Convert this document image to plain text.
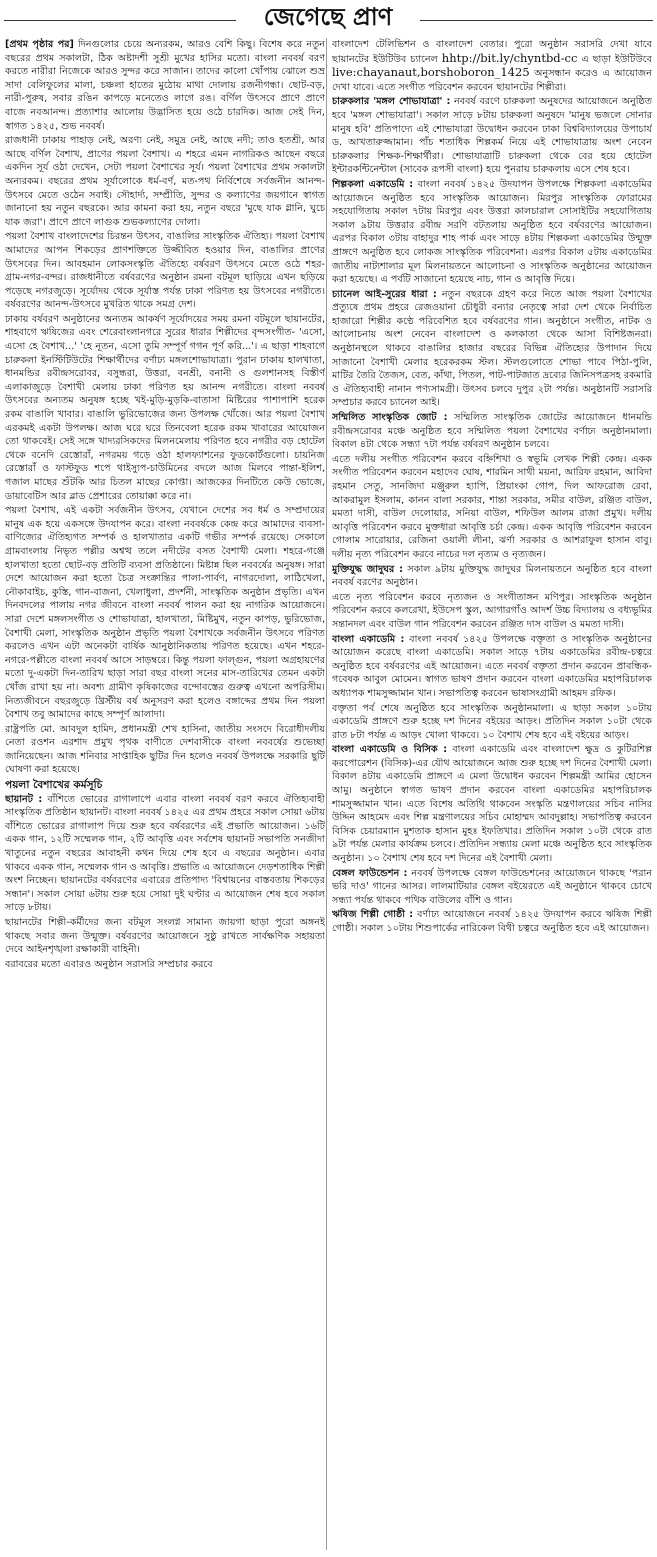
জেগেছে প্রাণ

[প্রথম পৃষ্ঠার পর] দিনগুলোর চেয়ে অন্যরকম, আরও বেশি কিছু। বিশেষ করে নতুন বছরের প্রথম সকালটা, ঠিক অষ্টাদশী সুশ্রী মুখের হাসির মতো। বাংলা নববর্ষ বরণ করতে নারীরা নিজেকে আরও সুন্দর করে সাজান। তাদের কালো খোঁপায় ঝোলে শুভ্র সাদা বেলিফুলের মালা, চঞ্চলা হাতের মুঠোয় মাথা দোলায় রজনীগন্ধা। ছোট-বড়, নারী-পুরুষ, সবার রঙিন কাপড়ে মনেতেও লাগে রঙ। বর্ণিল উৎসবে প্রাণে প্রাণে বাজে নবআনন্দ। প্রত্যাশার আলোয় উদ্ভাসিত হয়ে ওঠে চারদিক। আজ সেই দিন, স্বাগত ১৪২৫, শুভ নববর্ষ।

রাজধানী ঢাকায় পাহাড় নেই, অরণ্য নেই, সমুদ্র নেই, আছে নদী; তাও হতশ্রী, আর আছে বর্ণিল বৈশাখ, প্রাণের পয়লা বৈশাখ। এ শহরে এমন নাগরিকও আছেন বছরে একদিন সূর্য ওঠা দেখেন, সেটা পয়লা বৈশাখের সূর্য। পয়লা বৈশাখের প্রথম সকালটা অন্যরকম। বছরের প্রথম সূর্যালোকে ধর্ম-বর্ণ, মত-পথ নির্বিশেষে সর্বজনীন আনন্দ-উৎসবে মেতে ওঠেন সবাই। সৌহার্দ্য, সম্প্রীতি, সুন্দর ও কল্যাণের জয়গানে স্বাগত জানানো হয় নতুন বছরকে। আর কামনা করা হয়, নতুন বছরে 'মুছে যাক গ্লানি, ঘুচে যাক জরা'। প্রাণে প্রাণে লাগুক শুভকল্যাণের দোলা।

পয়লা বৈশাখ বাংলাদেশের চিরন্তন উৎসব, বাঙালির সাংস্কৃতিক ঐতিহ্য। পয়লা বৈশাখ আমাদের আপন শিকড়ের প্রাণশক্তিতে উজ্জীবিত হওয়ার দিন, বাঙালির প্রাণের উৎসবের দিন। আবহমান লোকসংস্কৃতি ঐতিহ্যে বর্ষবরণ উৎসবে মেতে ওঠে শহর-গ্রাম-নগর-বন্দর। রাজধানীতে বর্ষবরণের অনুষ্ঠান রমনা বটমূল ছাড়িয়ে এখন ছড়িয়ে পড়েছে নগরজুড়ে। সূর্যোদয় থেকে সূর্যাস্ত পর্যন্ত ঢাকা পরিণত হয় উৎসবের নগরীতে। বর্ষবরণের আনন্দ-উৎসবে মুখরিত থাকে সমগ্র দেশ।

ঢাকায় বর্ষবরণ অনুষ্ঠানের অন্যতম আকর্ষণ সূর্যোদয়ের সময় রমনা বটমূলে ছায়ানটের, শাহবাগে ঋষিজের এবং শেরেবাংলানগরে সুরের ধারার শিল্পীদের বৃন্দসংগীত- 'এসো, এসো হে বৈশাখ...' 'হে নূতন, এসো তুমি সম্পূর্ণ গগন পূর্ণ করি...'। এ ছাড়া শাহবাগে চারুকলা ইনস্টিটিউটের শিক্ষার্থীদের বর্ণাঢ্য মঙ্গলশোভাযাত্রা। পুরান ঢাকায় হালখাতা, ধানমন্ডির রবীন্দ্রসরোবর, বসুন্ধরা, উত্তরা, বনশ্রী, বনানী ও গুলশানসহ বিস্তীর্ণ এলাকাজুড়ে বৈশাখী মেলায় ঢাকা পরিণত হয় আনন্দ নগরীতে। বাংলা নববর্ষ উৎসবের অন্যতম অনুষঙ্গ হচ্ছে খই-মুড়ি-মুড়কি-বাতাসা মিষ্টিরের পাশাপাশি হরেক রকম বাঙালি খাবার। বাঙালি ভুরিভোজের জন্য উপলক্ষ খোঁজে। আর পয়লা বৈশাখ এরকমই একটা উপলক্ষ। আজ ঘরে ঘরে তিনবেলা হরেক রকম খাবারের আয়োজন তো থাকবেই। সেই সঙ্গে খাদ্যরসিকদের মিলনমেলায় পরিণত হবে নগরীর বড় হোটেল থেকে বনেদি রেস্তোরাঁ, নগরময় গড়ে ওঠা হালফ্যাশনের ফুডকোর্টগুলো। চায়নিজ রেস্তোরাঁ ও ফাস্টফুড শপে থাইস্যুপ-চাউমিনের বদলে আজ মিলবে পান্তা-ইলিশ, গজাল মাছের শুঁটকি আর চিতল মাছের কোপ্তা। আজকের দিনটিতে কেউ ভোজে, ডায়াবেটিস আর ব্লাড প্রেশারের তোয়াক্কা করে না।

পয়লা বৈশাখ, এই একটা সর্বজনীন উৎসব, যেখানে দেশের সব ধর্ম ও সম্প্রদায়ের মানুষ এক হয়ে একসঙ্গে উদযাপন করে। বাংলা নববর্ষকে কেন্দ্র করে আমাদের ব্যবসা-বাণিজ্যের ঐতিহ্যগত সম্পর্ক ও হালখাতার একটি গভীর সম্পর্ক রয়েছে। সেকালে গ্রামবাংলায় নিভৃত পল্লীর অশ্বত্থ তলে নদীটের বসত বৈশাখী মেলা। শহরে-গঞ্জে হালখাতা হতো ছোট-বড় প্রতিটি ব্যবসা প্রতিষ্ঠানে। মিষ্টান্ন ছিল নববর্ষের অনুষঙ্গ। সারা দেশে আয়োজন করা হতো চৈত্র সংক্রান্তির পালা-পার্বণ, নাগরদোলা, লাঠিখেলা, নৌকাবাইচ, কুস্তি, গান-বাজনা, খেলাধুলা, প্রদর্শনী, সাংস্কৃতিক অনুষ্ঠান প্রভৃতি। এখন দিনবদলের পালায় নগর জীবনে বাংলা নববর্ষ পালন করা হয় নাগরিক আয়োজনে। সারা দেশে মঙ্গলসংগীত ও শোভাযাত্রা, হালখাতা, মিষ্টিমুখ, নতুন কাপড়, ভুরিভোজ, বৈশাখী মেলা, সাংস্কৃতিক অনুষ্ঠান প্রভৃতি পয়লা বৈশাখকে সর্বজনীন উৎসবে পরিণত করলেও এখন এটা অনেকটা বার্ষিক আনুষ্ঠানিকতায় পরিণত হয়েছে। এখন শহরে-নগরে-পল্লীতে বাংলা নববর্ষ আসে সাড়ম্বরে। কিন্তু পয়লা ফাল্গুন, পয়লা অগ্রহায়ণের মতো দু-একটা দিন-তারিখ ছাড়া সারা বছর বাংলা সনের মাস-তারিখের তেমন একটা খোঁজ রাখা হয় না। অবশ্য গ্রামীণ কৃষিকাজের বন্দোবস্তের গুরুত্ব এখনো অপরিসীম। নিত্যজীবনে বছরজুড়ে খ্রিস্টীয় বর্ষ অনুসরণ করা হলেও বঙ্গাব্দের প্রথম দিন পয়লা বৈশাখ তবু আমাদের কাছে সম্পূর্ণ আলাদা।

রাষ্ট্রপতি মো. আবদুল হামিদ, প্রধানমন্ত্রী শেখ হাসিনা, জাতীয় সংসদে বিরোধীদলীয় নেতা রওশন এরশাদ প্রমুখ পৃথক বাণীতে দেশবাসীকে বাংলা নববর্ষের শুভেচ্ছা জানিয়েছেন। আজ শনিবার সাপ্তাহিক ছুটির দিন হলেও নববর্ষ উপলক্ষে সরকারি ছুটি ঘোষণা করা হয়েছে।

পয়লা বৈশাখের কর্মসূচি

ছায়ানট : বাঁশিতে ভোরের রাগালাপে এবার বাংলা নববর্ষ বরণ করবে ঐতিহ্যবাহী সাংস্কৃতিক প্রতিষ্ঠান ছায়ানট। বাংলা নববর্ষ ১৪২৫ এর প্রথম প্রহরে সকাল সোয়া ৬টায় বাঁশিতে ভোরের রাগালাপ দিয়ে শুরু হবে বর্ষবরণের এই প্রভাতি আয়োজন। ১৬টি একক গান, ১২টি সম্মেলক গান, ২টি আবৃত্তি এবং সর্বশেষ ছায়ানট সভাপতি সনজীদা খাতুনের নতুন বছরের আবাহনী কথন দিয়ে শেষ হবে এ বছরের অনুষ্ঠান। এবার থাকবে একক গান, সম্মেলক গান ও আবৃত্তি। প্রভাতি এ আয়োজনে দেড়শতাধিক শিল্পী অংশ নিচ্ছেন। ছায়ানটের বর্ষবরণের এবারের প্রতিপাদ্য 'বিশ্বায়নের বাস্তবতায় শিকড়ের সন্ধান'। সকাল সোয়া ৬টায় শুরু হয়ে সোয়া দুই ঘণ্টার এ আয়োজন শেষ হবে সকাল সাড়ে ৮টায়।

ছায়ানটের শিল্পী-কর্মীদের জন্য বটমূল সংলগ্ন সামান্য জায়গা ছাড়া পুরো অঙ্গনই থাকছে সবার জন্য উন্মুক্ত। বর্ষবরণের আয়োজনে সুষ্ঠু রাখতে সার্বক্ষণিক সহায়তা দেবে আইনশৃঙ্খলা রক্ষাকারী বাহিনী।

বরাবরের মতো এবারও অনুষ্ঠান সরাসরি সম্প্রচার করবে

বাংলাদেশ টেলিভিশন ও বাংলাদেশ বেতার। পুরো অনুষ্ঠান সরাসরি দেখা যাবে ছায়ানটের ইউটিউব চ্যানেল hhtp://bit.ly/chyntbd-cc এ ছাড়া ইউটিউবে live:chayanaut,borshoboron_1425 অনুসন্ধান করেও এ আয়োজন দেখা যাবে। এতে সংগীত পরিবেশন করবেন ছায়ানটের শিল্পীরা।

চারুকলার 'মঙ্গল শোভাযাত্রা' : নববর্ষ বরণে চারুকলা অনুষদের আয়োজনে অনুষ্ঠিত হবে 'মঙ্গল শোভাযাত্রা'। সকাল সাড়ে ৮টায় চারুকলা অনুষদে 'মানুষ ভজলে সোনার মানুষ হবি' প্রতিপাদ্যে এই শোভাযাত্রা উদ্বোধন করবেন ঢাকা বিশ্ববিদ্যালয়ের উপাচার্য ড. আখতারুজ্জামান। পাঁচ শতাধিক শিল্পকর্ম নিয়ে এই শোভাযাত্রায় অংশ নেবেন চারুকলার শিক্ষক-শিক্ষার্থীরা। শোভাযাত্রাটি চারুকলা থেকে বের হয়ে হোটেল ইন্টারকন্টিনেন্টাল (সাবেক রূপসী বাংলা) হয়ে পুনরায় চারুকলায় এসে শেষ হবে।

শিল্পকলা একাডেমি : বাংলা নববর্ষ ১৪২৫ উদযাপন উপলক্ষে শিল্পকলা একাডেমির আয়োজনে অনুষ্ঠিত হবে সাংস্কৃতিক আয়োজন। মিরপুর সাংস্কৃতিক ফোরামের সহযোগিতায় সকাল ৭টায় মিরপুর এবং উত্তরা কালচারাল সোসাইটির সহযোগিতায় সকাল ৯টায় উত্তরার রবীন্দ্র সরণি বটতলায় অনুষ্ঠিত হবে বর্ষবরণের আয়োজন। এরপর বিকাল ৩টায় বাহাদুর শাহ পার্ক এবং সাড়ে ৪টায় শিল্পকলা একাডেমির উন্মুক্ত প্রাঙ্গণে অনুষ্ঠিত হবে লোকজ সাংস্কৃতিক পরিবেশনা। এরপর বিকাল ৫টায় একাডেমির জাতীয় নাট্যশালার মূল মিলনায়তনে আলোচনা ও সাংস্কৃতিক অনুষ্ঠানের আয়োজন করা হয়েছে। এ পর্বটি সাজানো হয়েছে নাচ, গান ও আবৃত্তি দিয়ে।

চ্যানেল আই-সুরের ধারা : নতুন বছরকে গ্রহণ করে নিতে আজ পয়লা বৈশাখের প্রত্যুষে প্রথম প্রহরে রেজওয়ানা চৌধুরী বন্যার নেতৃত্বে সারা দেশ থেকে নির্বাচিত হাজারো শিল্পীর কণ্ঠে পরিবেশিত হবে বর্ষবরণের গান। অনুষ্ঠানে সংগীত, নাটক ও আলোচনায় অংশ নেবেন বাংলাদেশ ও কলকাতা থেকে আসা বিশিষ্টজনরা। অনুষ্ঠানস্থলে থাকবে বাঙালির হাজার বছরের বিভিন্ন ঐতিহ্যের উপাদান দিয়ে সাজানো বৈশাখী মেলার হরেকরকম স্টল। স্টলগুলোতে শোভা পাবে পিঠা-পুলি, মাটির তৈরি তৈজস, বেত, কাঁথা, পিতল, পাট-পাটজাত দ্রব্যের জিনিসপত্রসহ রকমারি ও ঐতিহ্যবাহী নানান পণ্যসামগ্রী। উৎসব চলবে দুপুর ২টা পর্যন্ত। অনুষ্ঠানটি সরাসরি সম্প্রচার করবে চ্যানেল আই।

সম্মিলিত সাংস্কৃতিক জোট : সম্মিলিত সাংস্কৃতিক জোটের আয়োজনে ধানমন্ডি রবীন্দ্রসরোবর মঞ্চে অনুষ্ঠিত হবে সম্মিলিত পয়লা বৈশাখের বর্ণাঢ্য অনুষ্ঠানমালা। বিকাল ৪টা থেকে সন্ধ্যা ৭টা পর্যন্ত বর্ষবরণ অনুষ্ঠান চলবে।

এতে দলীয় সংগীত পরিবেশন করবে বহ্নিশিখা ও স্বভূমি লেখক শিল্পী কেন্দ্র। একক সংগীত পরিবেশন করবেন মহাদেব ঘোষ, শারমিন সাথী ময়না, আরিফ রহমান, আবিদা রহমান সেতু, সানজিদা মঞ্জুরুল হ্যাপি, প্রিয়াংকা গোপ, দিল আফরোজ রেবা, আকরামুল ইসলাম, কানন বালা সরকার, শান্তা সরকার, সমীর বাউল, রঞ্জিত বাউল, মমতা দাসী, বাউল দেলোয়ার, সনিয়া বাউল, শফিউল আলম রাজা প্রমুখ। দলীয় আবৃত্তি পরিবেশন করবে মুক্তধারা আবৃত্তি চর্চা কেন্দ্র। একক আবৃত্তি পরিবেশন করবেন গোলাম সারোয়ার, রেজিনা ওয়ালী লীনা, ঝর্ণা সরকার ও আশরাফুল হাসান বাবু। দলীয় নৃত্য পরিবেশন করবে নাচের দল নৃত্যম ও নৃত্যজন।

মুক্তিযুদ্ধ জাদুঘর : সকাল ৯টায় মুক্তিযুদ্ধ জাদুঘর মিলনায়তনে অনুষ্ঠিত হবে বাংলা নববর্ষ বরণের অনুষ্ঠান।

এতে নৃত্য পরিবেশন করবে নৃত্যজন ও সংগীতাঙ্গন মণিপুর। সাংস্কৃতিক অনুষ্ঠান পরিবেশন করবে কলরেখা, ইউসেপ স্কুল, আগারগাঁও আদর্শ উচ্চ বিদ্যালয় ও বধ্যভূমির সন্তানদল এবং বাউল গান পরিবেশন করবেন রঞ্জিত দাস বাউল ও মমতা দাসী।

বাংলা একাডেমি : বাংলা নববর্ষ ১৪২৫ উপলক্ষে বক্তৃতা ও সাংস্কৃতিক অনুষ্ঠানের আয়োজন করেছে বাংলা একাডেমি। সকাল সাড়ে ৭টায় একাডেমির রবীন্দ্র-চত্বরে অনুষ্ঠিত হবে বর্ষবরণের এই আয়োজন। এতে নববর্ষ বক্তৃতা প্রদান করবেন প্রাবন্ধিক-গবেষক আবুল মোমেন। স্বাগত ভাষণ প্রদান করবেন বাংলা একাডেমির মহাপরিচালক অধ্যাপক শামসুজ্জামান খান। সভাপতিত্ব করবেন ভাষাসংগ্রামী আহমদ রফিক।

বক্তৃতা পর্ব শেষে অনুষ্ঠিত হবে সাংস্কৃতিক অনুষ্ঠানমালা। এ ছাড়া সকাল ১০টায় একাডেমি প্রাঙ্গণে শুরু হচ্ছে দশ দিনের বইয়ের আড়ং। প্রতিদিন সকাল ১০টা থেকে রাত ৮টা পর্যন্ত এ আড়ং খোলা থাকবে। ১০ বৈশাখ শেষ হবে এই বইয়ের আড়ং।

বাংলা একাডেমি ও বিসিক : বাংলা একাডেমি এবং বাংলাদেশ ক্ষুদ্র ও কুটিরশিল্প করপোরেশন (বিসিক)-এর যৌথ আয়োজনে আজ শুরু হচ্ছে দশ দিনের বৈশাখী মেলা। বিকাল ৪টায় একাডেমি প্রাঙ্গণে এ মেলা উদ্বোধন করবেন শিল্পমন্ত্রী আমির হোসেন আমু। অনুষ্ঠানে স্বাগত ভাষণ প্রদান করবেন বাংলা একাডেমির মহাপরিচালক শামসুজ্জামান খান। এতে বিশেষ অতিথি থাকবেন সংস্কৃতি মন্ত্রণালয়ের সচিব নাসির উদ্দিন আহমেদ এবং শিল্প মন্ত্রণালয়ের সচিব মোহাম্মদ আবদুল্লাহ। সভাপতিত্ব করবেন বিসিক চেয়ারম্যান মুশতাক হাসান মুহঃ ইফতিখার। প্রতিদিন সকাল ১০টা থেকে রাত ৯টা পর্যন্ত মেলার কার্যক্রম চলবে। প্রতিদিন সন্ধ্যায় মেলা মঞ্চে অনুষ্ঠিত হবে সাংস্কৃতিক অনুষ্ঠান। ১০ বৈশাখ শেষ হবে দশ দিনের এই বৈশাখী মেলা।

বেঙ্গল ফাউন্ডেশন : নববর্ষ উপলক্ষে বেঙ্গল ফাউন্ডেশনের আয়োজনে থাকছে 'পরান ভরি দাও' গানের আসর। লালমাটিয়ার বেঙ্গল বইয়েরতে এই অনুষ্ঠানে থাকবে চোখে সন্ধ্যা পর্যন্ত থাকবে পথিক বাউলের বাঁশি ও গান।

ঋষিজ শিল্পী গোষ্ঠী : বর্ণাঢ্য আয়োজনে নববর্ষ ১৪২৫ উদযাপন করবে ঋষিজ শিল্পী গোষ্ঠী। সকাল ১০টায় শিশুপার্কের নারিকেল বিথী চত্বরে অনুষ্ঠিত হবে এই আয়োজন।
